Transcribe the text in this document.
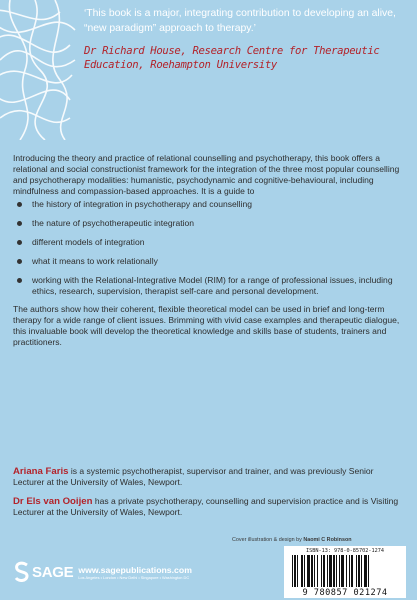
‘This book is a major, integrating contribution to developing an alive, “new paradigm” approach to therapy.’
Dr Richard House, Research Centre for Therapeutic Education, Roehampton University

Introducing the theory and practice of relational counselling and psychotherapy, this book offers a relational and social constructionist framework for the integration of the three most popular counselling and psychotherapy modalities: humanistic, psychodynamic and cognitive-behavioural, including mindfulness and compassion-based approaches. It is a guide to

the history of integration in psychotherapy and counselling
the nature of psychotherapeutic integration
different models of integration
what it means to work relationally
working with the Relational-Integrative Model (RIM) for a range of professional issues, including ethics, research, supervision, therapist self-care and personal development.

The authors show how their coherent, flexible theoretical model can be used in brief and long-term therapy for a wide range of client issues. Brimming with vivid case examples and therapeutic dialogue, this invaluable book will develop the theoretical knowledge and skills base of students, trainers and practitioners.

Ariana Faris is a systemic psychotherapist, supervisor and trainer, and was previously Senior Lecturer at the University of Wales, Newport.

Dr Els van Ooijen has a private psychotherapy, counselling and supervision practice and is Visiting Lecturer at the University of Wales, Newport.

Cover illustration & design by Naomi C Robinson
SAGE www.sagepublications.com
Los Angeles • London • New Delhi • Singapore • Washington DC
ISBN-13: 978-0-85702-1274
9 780857 021274
